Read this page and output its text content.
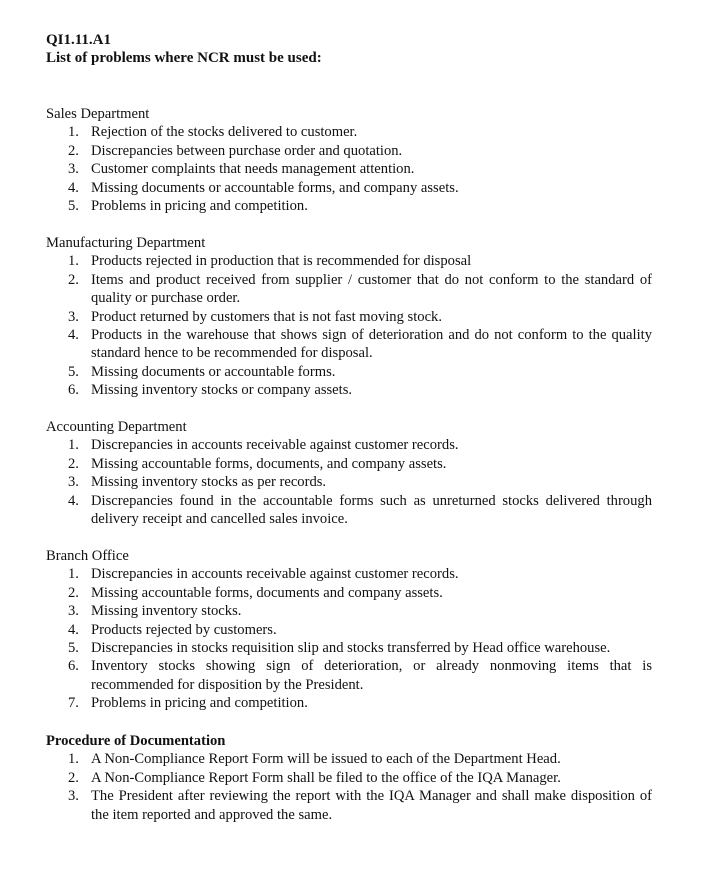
QI1.11.A1
List of problems where NCR must be used:
Sales Department
1. Rejection of the stocks delivered to customer.
2. Discrepancies between purchase order and quotation.
3. Customer complaints that needs management attention.
4. Missing documents or accountable forms, and company assets.
5. Problems in pricing and competition.
Manufacturing Department
1. Products rejected in production that is recommended for disposal
2. Items and product received from supplier / customer that do not conform to the standard of quality or purchase order.
3. Product returned by customers that is not fast moving stock.
4. Products in the warehouse that shows sign of deterioration and do not conform to the quality standard hence to be recommended for disposal.
5. Missing documents or accountable forms.
6. Missing inventory stocks or company assets.
Accounting Department
1. Discrepancies in accounts receivable against customer records.
2. Missing accountable forms, documents, and company assets.
3. Missing inventory stocks as per records.
4. Discrepancies found in the accountable forms such as unreturned stocks delivered through delivery receipt and cancelled sales invoice.
Branch Office
1. Discrepancies in accounts receivable against customer records.
2. Missing accountable forms, documents and company assets.
3. Missing inventory stocks.
4. Products rejected by customers.
5. Discrepancies in stocks requisition slip and stocks transferred by Head office warehouse.
6. Inventory stocks showing sign of deterioration, or already nonmoving items that is recommended for disposition by the President.
7. Problems in pricing and competition.
Procedure of Documentation
1. A Non-Compliance Report Form will be issued to each of the Department Head.
2. A Non-Compliance Report Form shall be filed to the office of the IQA Manager.
3. The President after reviewing the report with the IQA Manager and shall make disposition of the item reported and approved the same.
